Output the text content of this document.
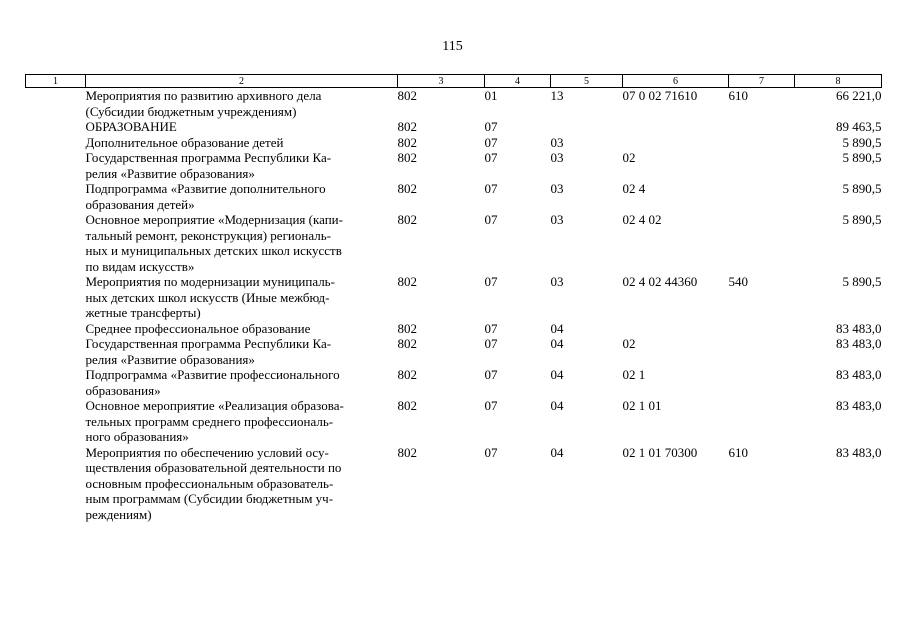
115
1	2	3	4	5	6	7	8

	Мероприятия по развитию архивного дела
(Субсидии бюджетным учреждениям)	802	01	13	07 0 02 71610	610	66 221,0

	ОБРАЗОВАНИЕ	802	07				89 463,5

	Дополнительное образование детей	802	07	03			5 890,5

	Государственная программа Республики Ка-
релия «Развитие образования»	802	07	03	02		5 890,5

	Подпрограмма «Развитие дополнительного
образования детей»	802	07	03	02 4		5 890,5

	Основное мероприятие «Модернизация (капи-
тальный ремонт, реконструкция) региональ-
ных и муниципальных детских школ искусств
по видам искусств»	802	07	03	02 4 02		5 890,5

	Мероприятия по модернизации муниципаль-
ных детских школ искусств (Иные межбюд-
жетные трансферты)	802	07	03	02 4 02 44360	540	5 890,5

	Среднее профессиональное образование	802	07	04			83 483,0

	Государственная программа Республики Ка-
релия «Развитие образования»	802	07	04	02		83 483,0

	Подпрограмма «Развитие профессионального
образования»	802	07	04	02 1		83 483,0

	Основное мероприятие «Реализация образова-
тельных программ среднего профессиональ-
ного образования»	802	07	04	02 1 01		83 483,0

	Мероприятия по обеспечению условий осу-
ществления образовательной деятельности по
основным профессиональным образователь-
ным программам (Субсидии бюджетным уч-
реждениям)	802	07	04	02 1 01 70300	610	83 483,0
